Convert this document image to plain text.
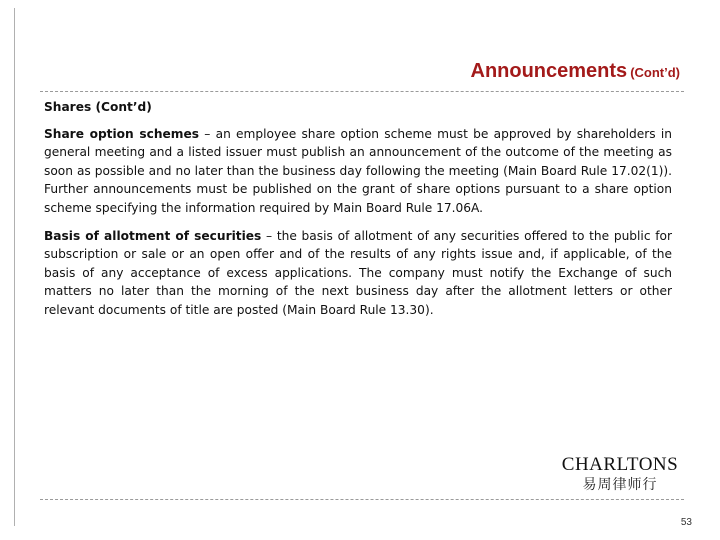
Announcements (Cont’d)

Shares (Cont’d)

Share option schemes – an employee share option scheme must be approved by shareholders in general meeting and a listed issuer must publish an announcement of the outcome of the meeting as soon as possible and no later than the business day following the meeting (Main Board Rule 17.02(1)). Further announcements must be published on the grant of share options pursuant to a share option scheme specifying the information required by Main Board Rule 17.06A.

Basis of allotment of securities – the basis of allotment of any securities offered to the public for subscription or sale or an open offer and of the results of any rights issue and, if applicable, of the basis of any acceptance of excess applications. The company must notify the Exchange of such matters no later than the morning of the next business day after the allotment letters or other relevant documents of title are posted (Main Board Rule 13.30).

CHARLTONS
易周律师行
53
